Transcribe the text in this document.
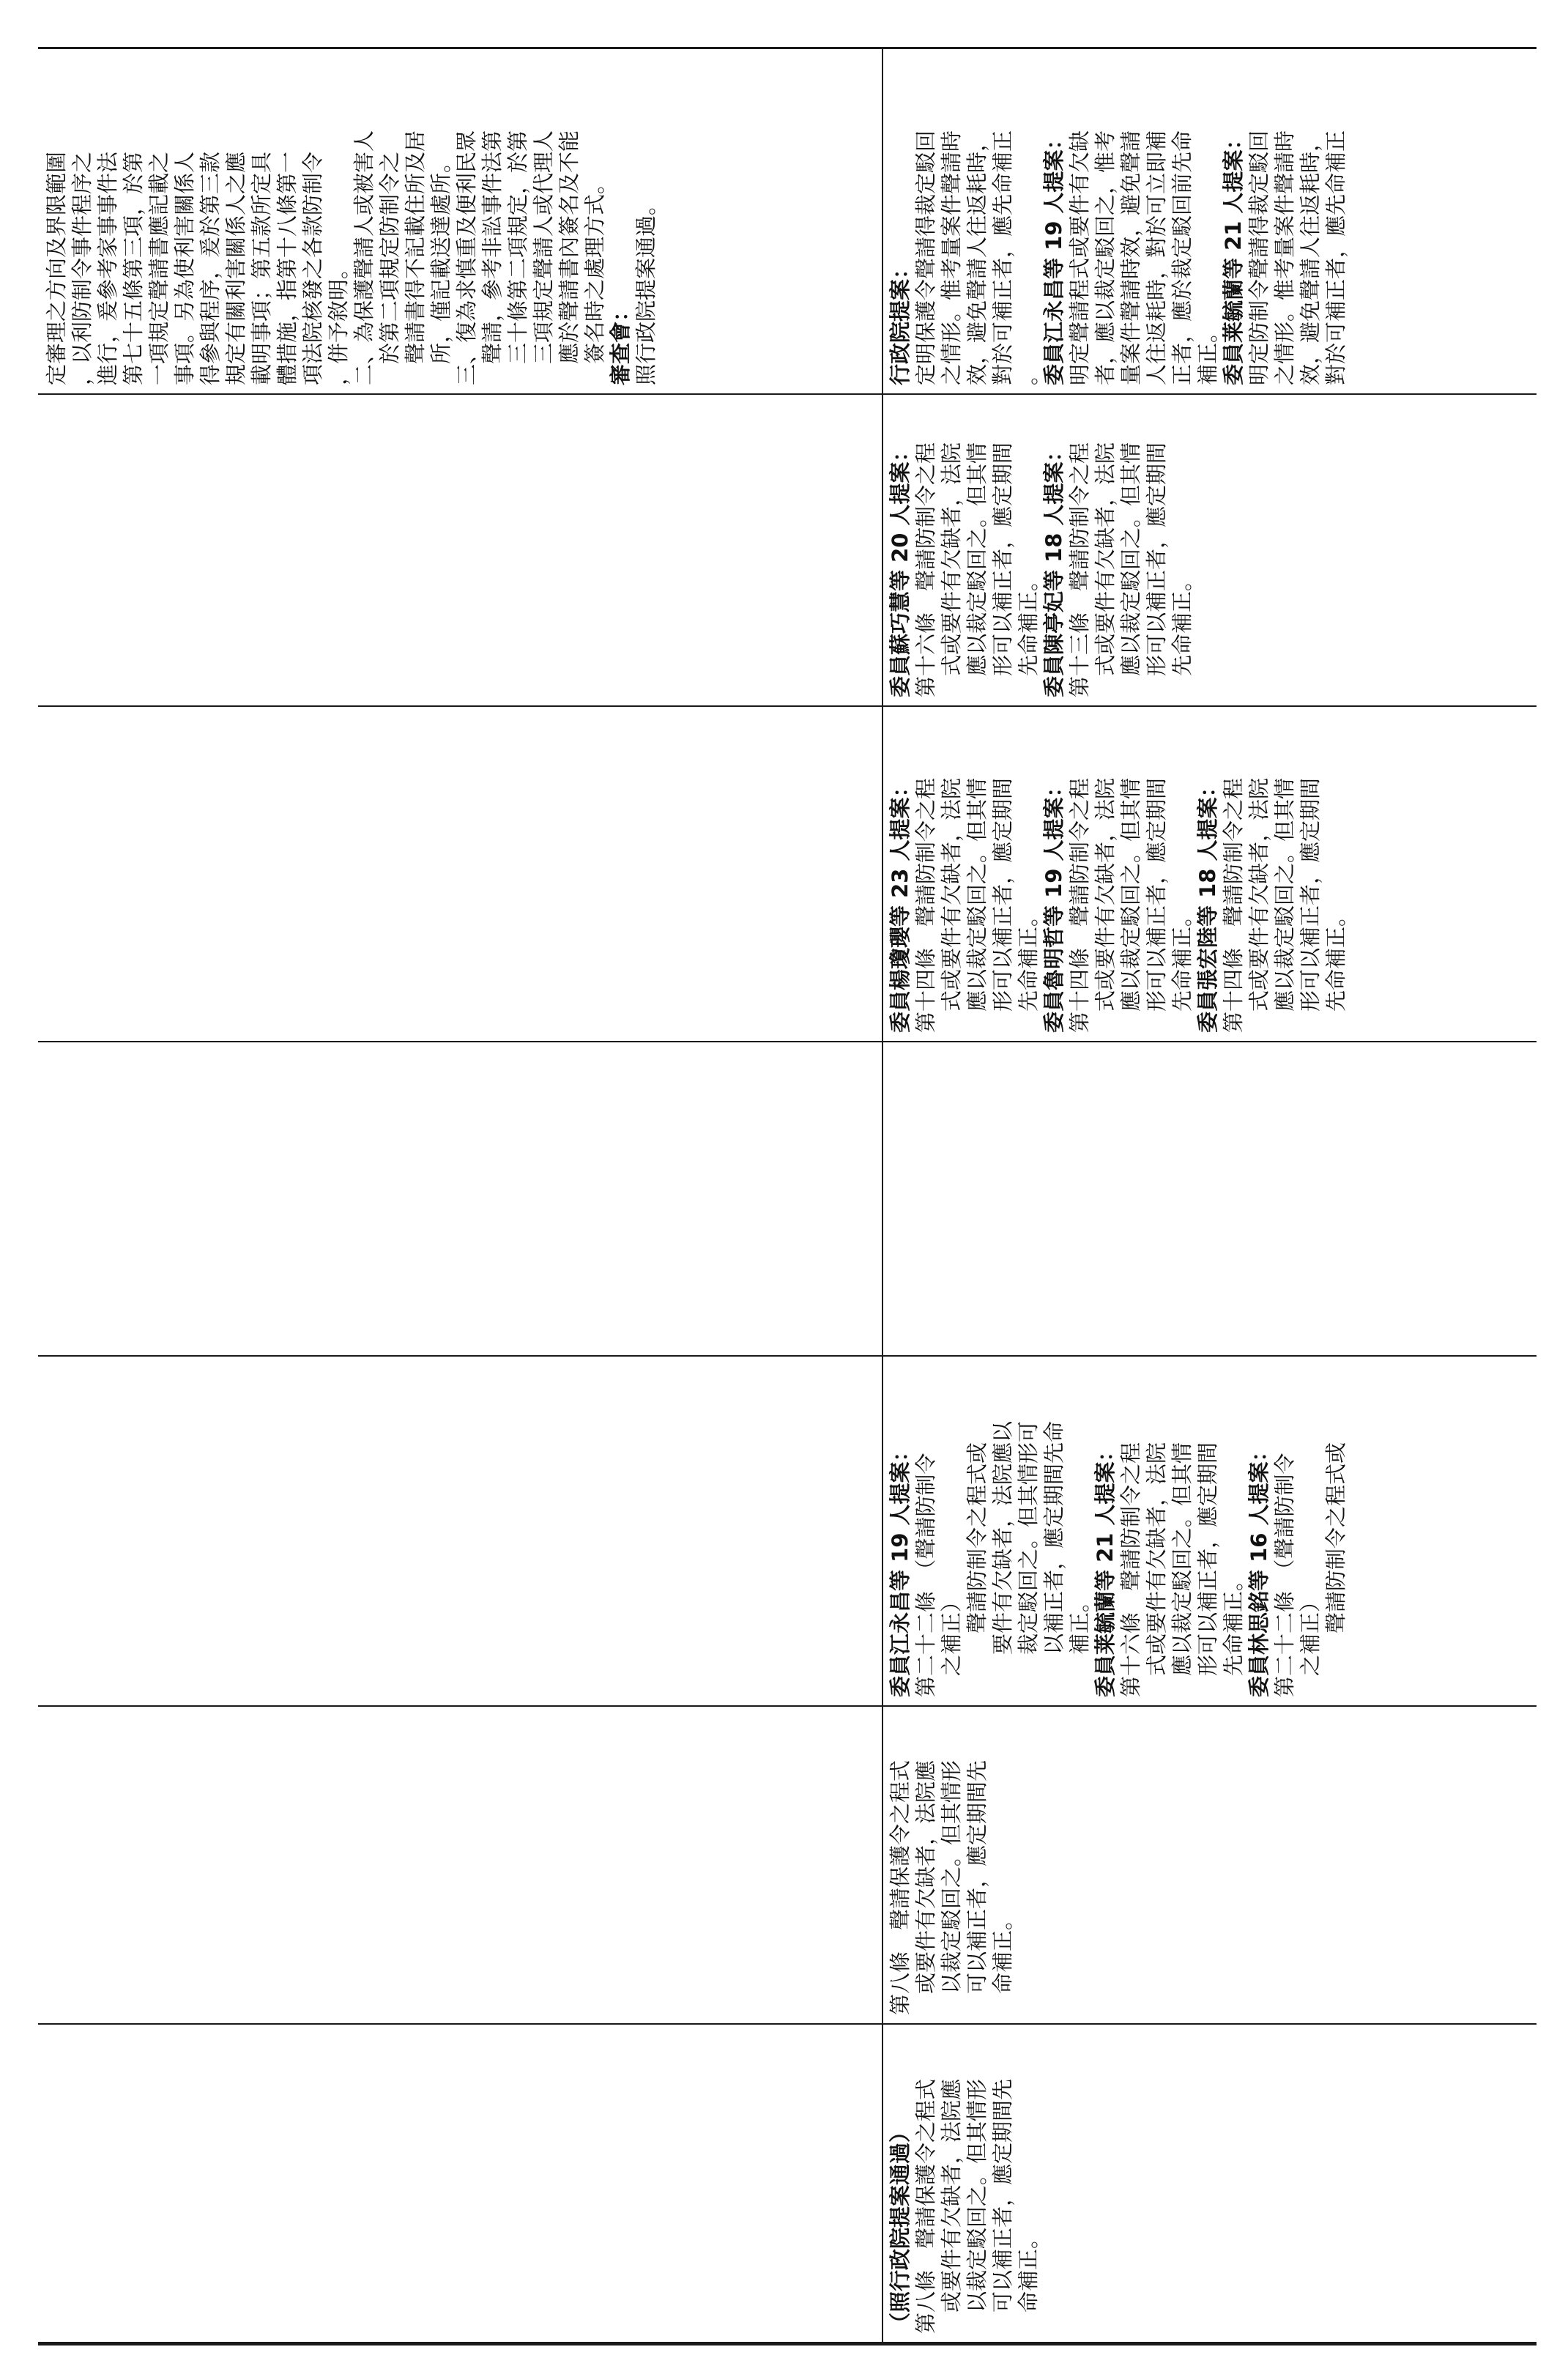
定審理之方向及界限範圍 ，以利防制令事件程序之 進行，爰參考家事事件法 第七十五條第三項，於第 一項規定聲請書應記載之 事項。另為使利害關係人 得參與程序，爰於第三款 規定有關利害關係人之應 載明事項；第五款所定具 體措施，指第十八條第一 項法院核發之各款防制令 ，併予敘明。 二、為保護聲請人或被害人 　於第二項規定防制令之 　聲請書得不記載住所及居 　所，僅記載送達處所。 三、復為求慎重及便利民眾 　聲請，參考非訟事件法第 　三十條第二項規定，於第 　三項規定聲請人或代理人 　應於聲請書內簽名及不能 　簽名時之處理方式。 審查會： 照行政院提案通過。	行政院提案： 定明保護令聲請得裁定駁回 之情形。惟考量案件聲請時 效，避免聲請人往返耗時， 對於可補正者，應先命補正 。 委員江永昌等 19 人提案： 明定聲請程式或要件有欠缺 者，應以裁定駁回之，惟考 量案件聲請時效，避免聲請 人往返耗時，對於可立即補 正者，應於裁定駁回前先命 補正。 委員莱毓蘭等 21 人提案： 明定防制令聲請得裁定駁回 之情形。惟考量案件聲請時 效，避免聲請人往返耗時， 對於可補正者，應先命補正
委員蘇巧慧等 20 人提案： 第十六條　聲請防制令之程 　式或要件有欠缺者，法院 　應以裁定駁回之。但其情 　形可以補正者，應定期間 　先命補正。 委員陳亭妃等 18 人提案： 第十三條　聲請防制令之程 　式或要件有欠缺者，法院 　應以裁定駁回之。但其情 　形可以補正者，應定期間 　先命補正。
委員楊瓊瓔等 23 人提案： 第十四條　聲請防制令之程 　式或要件有欠缺者，法院 　應以裁定駁回之。但其情 　形可以補正者，應定期間 　先命補正。 委員魯明哲等 19 人提案： 第十四條　聲請防制令之程 　式或要件有欠缺者，法院 　應以裁定駁回之。但其情 　形可以補正者，應定期間 　先命補正。 委員張宏陸等 18 人提案： 第十四條　聲請防制令之程 　式或要件有欠缺者，法院 　應以裁定駁回之。但其情 　形可以補正者，應定期間 　先命補正。
委員江永昌等 19 人提案： 第二十二條　（聲請防制令 　之補正） 　　　聲請防制令之程式或 　　要件有欠缺者，法院應以 　　裁定駁回之。但其情形可 　　以補正者，應定期間先命 　　補正。 委員莱毓蘭等 21 人提案： 第十六條　聲請防制令之程 　式或要件有欠缺者，法院 　應以裁定駁回之。但其情 　形可以補正者，應定期間 　先命補正。 委員林思銘等 16 人提案： 第二十二條　（聲請防制令 　之補正） 　　　聲請防制令之程式或
第八條　聲請保護令之程式 　或要件有欠缺者，法院應 　以裁定駁回之。但其情形 　可以補正者，應定期間先 　命補正。
（照行政院提案通過） 第八條　聲請保護令之程式 　或要件有欠缺者，法院應 　以裁定駁回之。但其情形 　可以補正者，應定期間先 　命補正。
